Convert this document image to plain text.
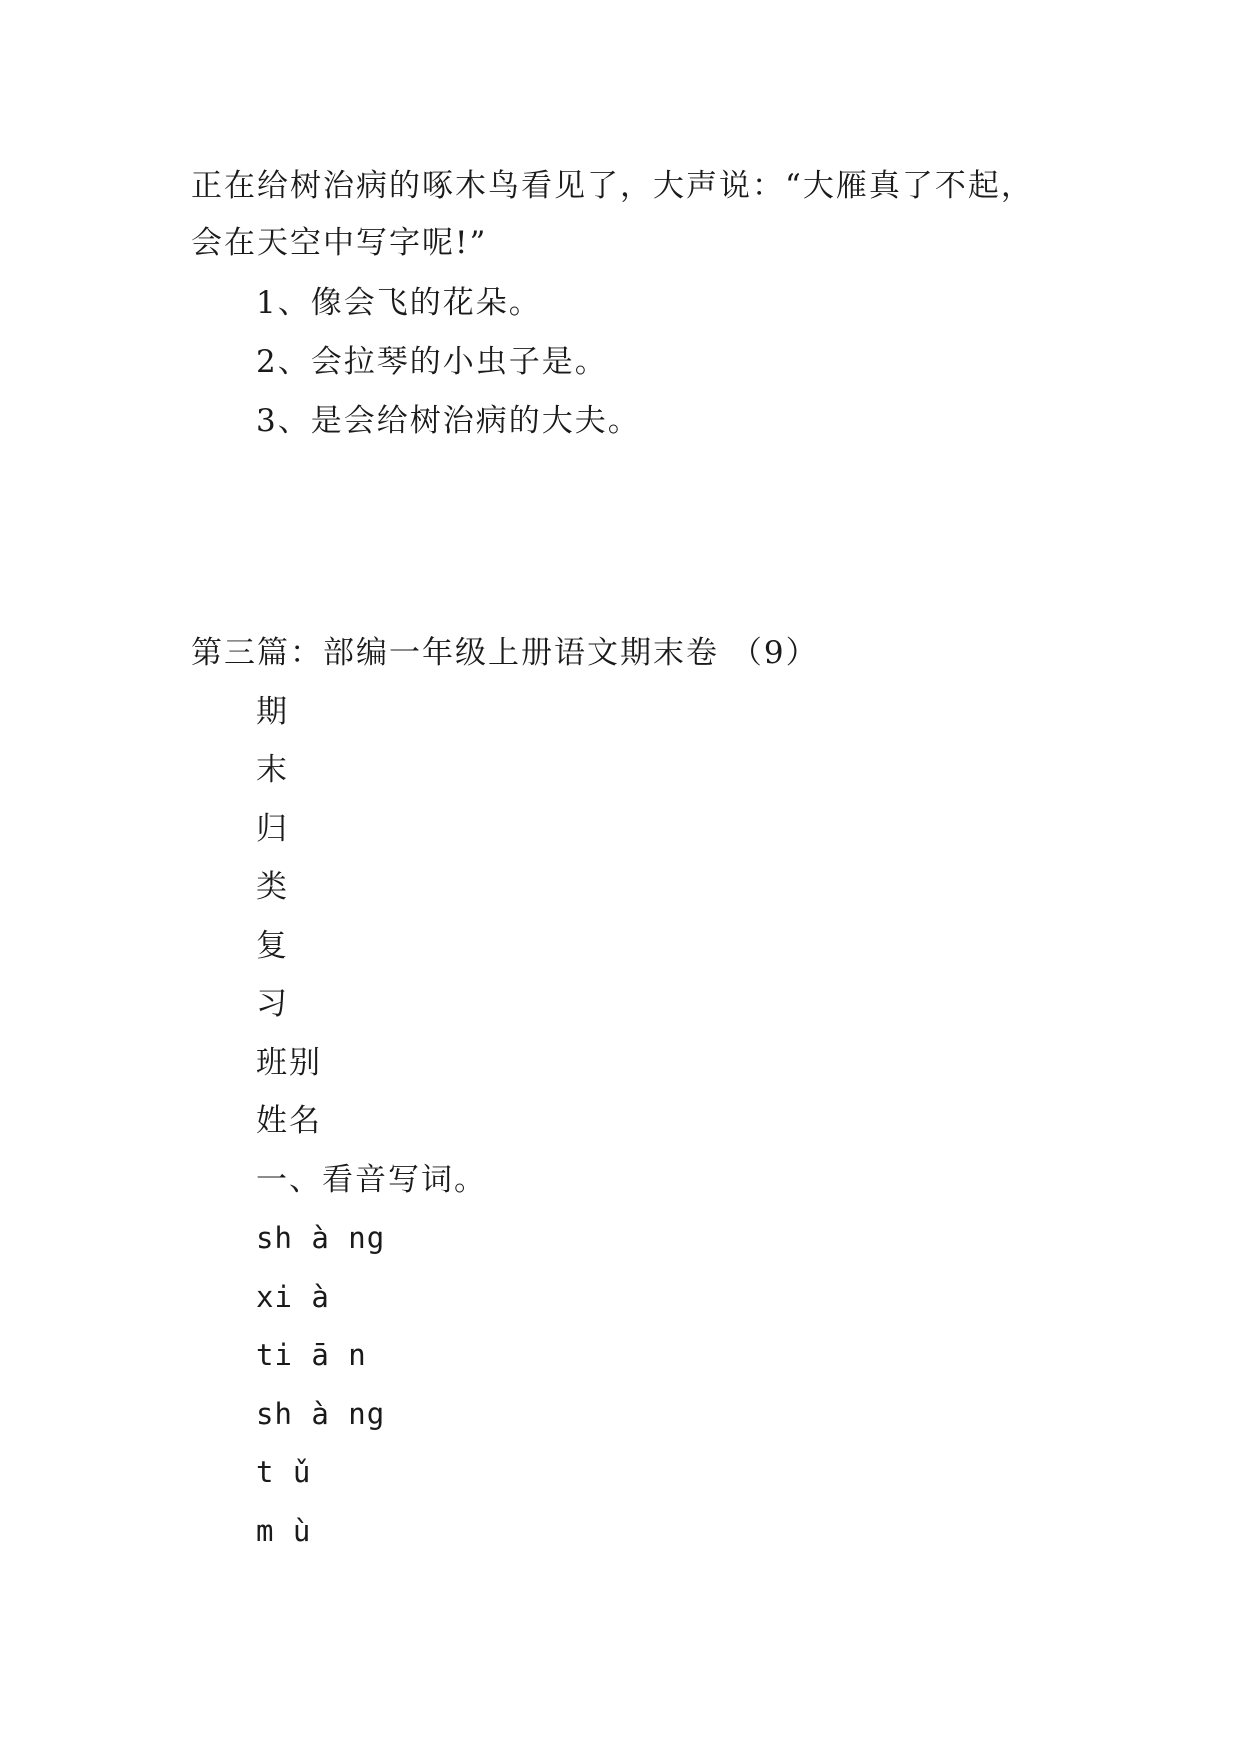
正在给树治病的啄木鸟看见了，大声说：“大雁真了不起，
会在天空中写字呢!”
1、像会飞的花朵。
2、会拉琴的小虫子是。
3、是会给树治病的大夫。
第三篇：部编一年级上册语文期末卷 （9）
期
末
归
类
复
习
班别
姓名
一、看音写词。
sh à ng
xi à
ti ā n
sh à ng
t ǔ
m ù
